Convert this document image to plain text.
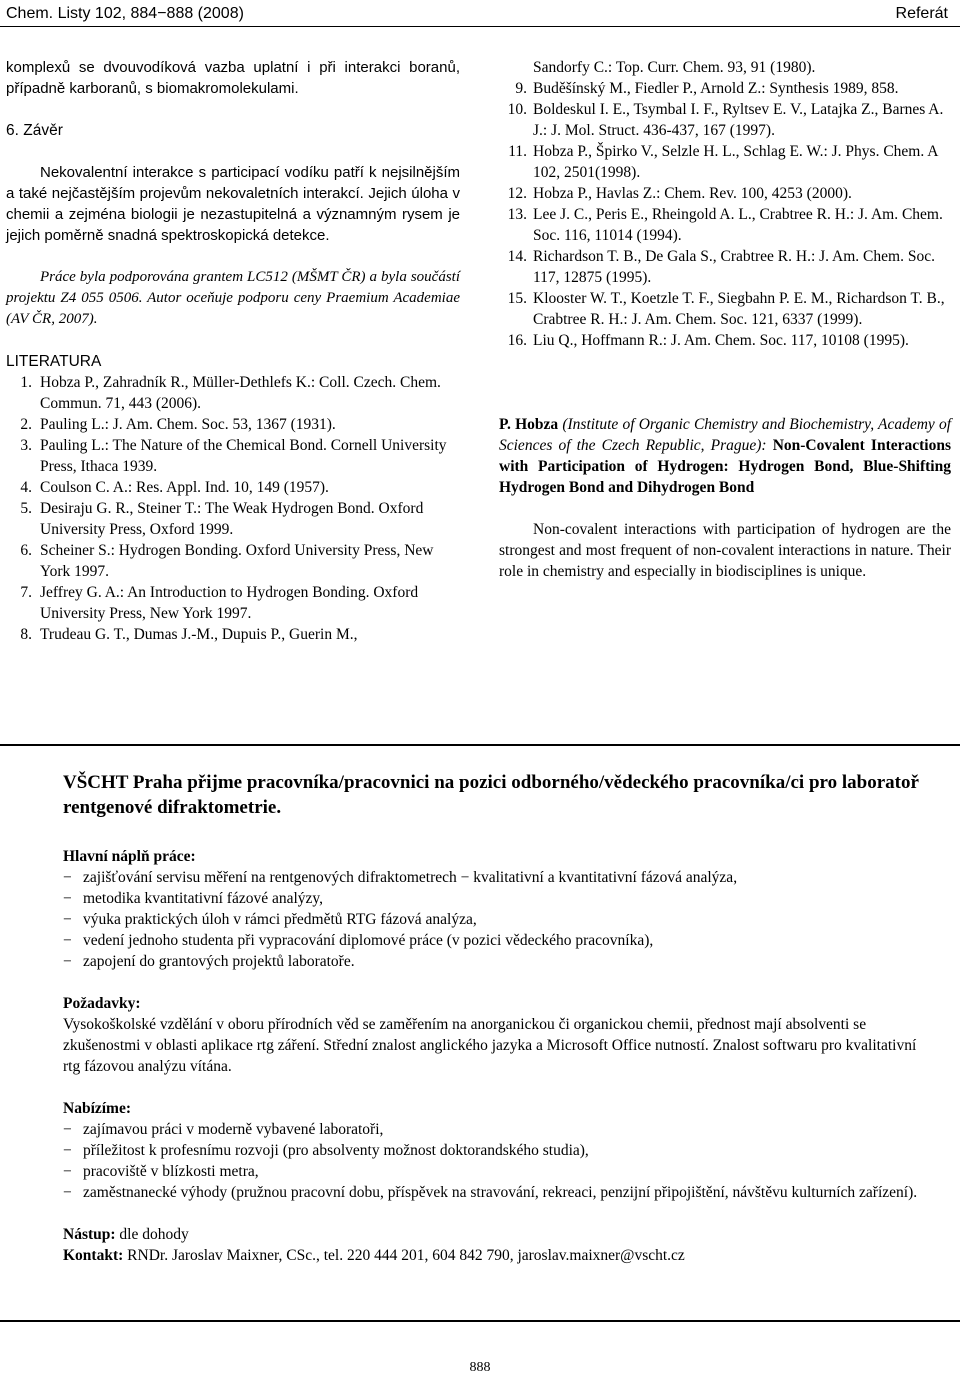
Chem. Listy 102, 884−888 (2008)	Referát

komplexů se dvouvodíková vazba uplatní i při interakci boranů, případně karboranů, s biomakromolekulami.

6. Závěr

Nekovalentní interakce s participací vodíku patří k nejsilnějším a také nejčastějším projevům nekovaletních interakcí. Jejich úloha v chemii a zejména biologii je nezastupitelná a významným rysem je jejich poměrně snadná spektroskopická detekce.

Práce byla podporována grantem LC512 (MŠMT ČR) a byla součástí projektu Z4 055 0506. Autor oceňuje podporu ceny Praemium Academiae (AV ČR, 2007).

LITERATURA

1. Hobza P., Zahradník R., Müller-Dethlefs K.: Coll. Czech. Chem. Commun. 71, 443 (2006).
2. Pauling L.: J. Am. Chem. Soc. 53, 1367 (1931).
3. Pauling L.: The Nature of the Chemical Bond. Cornell University Press, Ithaca 1939.
4. Coulson C. A.: Res. Appl. Ind. 10, 149 (1957).
5. Desiraju G. R., Steiner T.: The Weak Hydrogen Bond. Oxford University Press, Oxford 1999.
6. Scheiner S.: Hydrogen Bonding. Oxford University Press, New York 1997.
7. Jeffrey G. A.: An Introduction to Hydrogen Bonding. Oxford University Press, New York 1997.
8. Trudeau G. T., Dumas J.-M., Dupuis P., Guerin M.,
Sandorfy C.: Top. Curr. Chem. 93, 91 (1980).
9. Buděšínský M., Fiedler P., Arnold Z.: Synthesis 1989, 858.
10. Boldeskul I. E., Tsymbal I. F., Ryltsev E. V., Latajka Z., Barnes A. J.: J. Mol. Struct. 436-437, 167 (1997).
11. Hobza P., Špirko V., Selzle H. L., Schlag E. W.: J. Phys. Chem. A 102, 2501(1998).
12. Hobza P., Havlas Z.: Chem. Rev. 100, 4253 (2000).
13. Lee J. C., Peris E., Rheingold A. L., Crabtree R. H.: J. Am. Chem. Soc. 116, 11014 (1994).
14. Richardson T. B., De Gala S., Crabtree R. H.: J. Am. Chem. Soc. 117, 12875 (1995).
15. Klooster W. T., Koetzle T. F., Siegbahn P. E. M., Richardson T. B., Crabtree R. H.: J. Am. Chem. Soc. 121, 6337 (1999).
16. Liu Q., Hoffmann R.: J. Am. Chem. Soc. 117, 10108 (1995).

P. Hobza (Institute of Organic Chemistry and Biochemistry, Academy of Sciences of the Czech Republic, Prague): Non-Covalent Interactions with Participation of Hydrogen: Hydrogen Bond, Blue-Shifting Hydrogen Bond and Dihydrogen Bond

Non-covalent interactions with participation of hydrogen are the strongest and most frequent of non-covalent interactions in nature. Their role in chemistry and especially in biodisciplines is unique.

VŠCHT Praha přijme pracovníka/pracovnici na pozici odborného/vědeckého pracovníka/ci pro laboratoř rentgenové difraktometrie.

Hlavní náplň práce:

− zajišťování servisu měření na rentgenových difraktometrech − kvalitativní a kvantitativní fázová analýza,
− metodika kvantitativní fázové analýzy,
− výuka praktických úloh v rámci předmětů RTG fázová analýza,
− vedení jednoho studenta při vypracování diplomové práce (v pozici vědeckého pracovníka),
− zapojení do grantových projektů laboratoře.

Požadavky:

Vysokoškolské vzdělání v oboru přírodních věd se zaměřením na anorganickou či organickou chemii, přednost mají absolventi se zkušenostmi v oblasti aplikace rtg záření. Střední znalost anglického jazyka a Microsoft Office nutností. Znalost softwaru pro kvalitativní rtg fázovou analýzu vítána.

Nabízíme:

− zajímavou práci v moderně vybavené laboratoři,
− příležitost k profesnímu rozvoji (pro absolventy možnost doktorandského studia),
− pracoviště v blízkosti metra,
− zaměstnanecké výhody (pružnou pracovní dobu, příspěvek na stravování, rekreaci, penzijní připojištění, návštěvu kulturních zařízení).

Nástup: dle dohody

Kontakt: RNDr. Jaroslav Maixner, CSc., tel. 220 444 201, 604 842 790, jaroslav.maixner@vscht.cz

888
